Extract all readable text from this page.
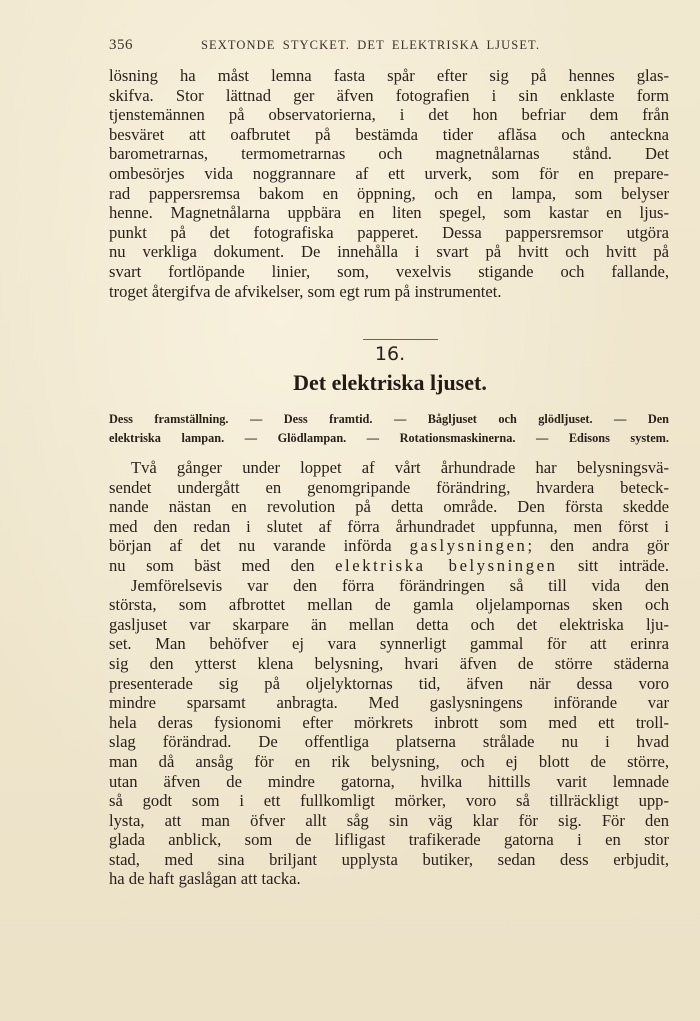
356	SEXTONDE STYCKET. DET ELEKTRISKA LJUSET.
lösning ha måst lemna fasta spår efter sig på hennes glas-
skifva. Stor lättnad ger äfven fotografien i sin enklaste form
tjenstemännen på observatorierna, i det hon befriar dem från
besväret att oafbrutet på bestämda tider aflăsa och anteckna
barometrarnas, termometrarnas och magnetnålarnas stånd. Det
ombesörjes vida noggrannare af ett urverk, som för en prepare-
rad pappersremsa bakom en öppning, och en lampa, som belyser
henne. Magnetnålarna uppbära en liten spegel, som kastar en ljus-
punkt på det fotografiska papperet. Dessa pappersremsor utgöra
nu verkliga dokument. De innehålla i svart på hvitt och hvitt på
svart fortlöpande linier, som, vexelvis stigande och fallande,
troget återgifva de afvikelser, som egt rum på instrumentet.
16.
Det elektriska ljuset.
Dess framställning. — Dess framtid. — Bågljuset och glödljuset. — Den
elektriska lampan. — Glödlampan. — Rotationsmaskinerna. — Edisons system.
Två gånger under loppet af vårt århundrade har belysningsvä-
sendet undergått en genomgripande förändring, hvardera beteck-
nande nästan en revolution på detta område. Den första skedde
med den redan i slutet af förra århundradet uppfunna, men först i
början af det nu varande införda gaslysningen; den andra gör
nu som bäst med den elektriska belysningen sitt inträde.
Jemförelsevis var den förra förändringen så till vida den
största, som afbrottet mellan de gamla oljelampornas sken och
gasljuset var skarpare än mellan detta och det elektriska lju-
set. Man behöfver ej vara synnerligt gammal för att erinra
sig den ytterst klena belysning, hvari äfven de större städerna
presenterade sig på oljelyktornas tid, äfven när dessa voro
mindre sparsamt anbragta. Med gaslysningens införande var
hela deras fysionomi efter mörkrets inbrott som med ett troll-
slag förändrad. De offentliga platserna strålade nu i hvad
man då ansåg för en rik belysning, och ej blott de större,
utan äfven de mindre gatorna, hvilka hittills varit lemnade
så godt som i ett fullkomligt mörker, voro så tillräckligt upp-
lysta, att man öfver allt såg sin väg klar för sig. För den
glada anblick, som de lifligast trafikerade gatorna i en stor
stad, med sina briljant upplysta butiker, sedan dess erbjudit,
ha de haft gaslågan att tacka.
